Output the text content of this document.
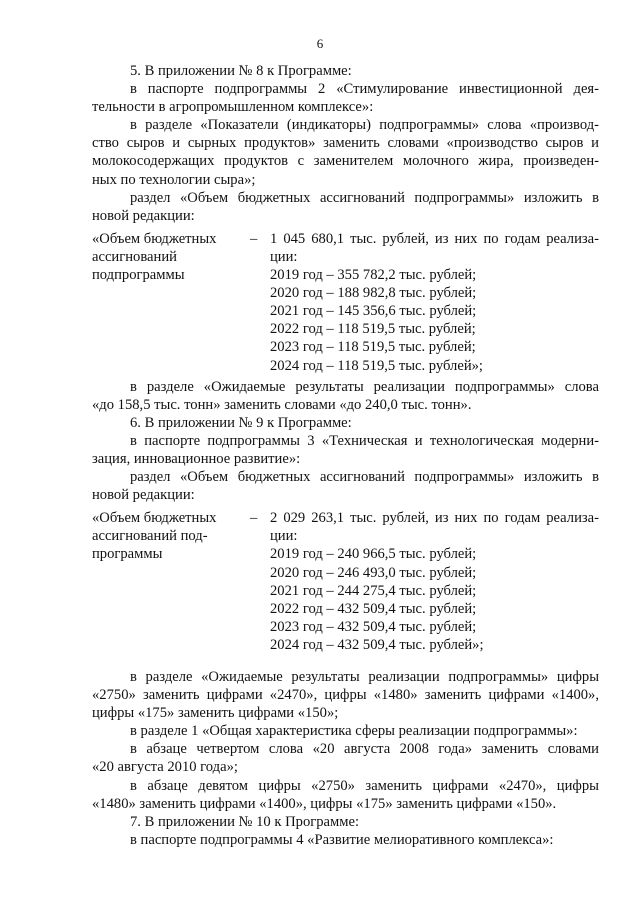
6

5. В приложении № 8 к Программе:

в паспорте подпрограммы 2 «Стимулирование инвестиционной дея-

тельности в агропромышленном комплексе»:

в разделе «Показатели (индикаторы) подпрограммы» слова «производ-

ство сыров и сырных продуктов» заменить словами «производство сыров и

молокосодержащих продуктов с заменителем молочного жира, произведен-

ных по технологии сыра»;

раздел «Объем бюджетных ассигнований подпрограммы» изложить в

новой редакции:

«Объем бюджетных
ассигнований
подпрограммы
– 1 045 680,1 тыс. рублей, из них по годам реализа-
ции:
2019 год – 355 782,2 тыс. рублей;
2020 год – 188 982,8 тыс. рублей;
2021 год – 145 356,6 тыс. рублей;
2022 год – 118 519,5 тыс. рублей;
2023 год – 118 519,5 тыс. рублей;
2024 год – 118 519,5 тыс. рублей»;

в разделе «Ожидаемые результаты реализации подпрограммы» слова

«до 158,5 тыс. тонн» заменить словами «до 240,0 тыс. тонн».

6. В приложении № 9 к Программе:

в паспорте подпрограммы 3 «Техническая и технологическая модерни-

зация, инновационное развитие»:

раздел «Объем бюджетных ассигнований подпрограммы» изложить в

новой редакции:

«Объем бюджетных
ассигнований под-
программы
– 2 029 263,1 тыс. рублей, из них по годам реализа-
ции:
2019 год – 240 966,5 тыс. рублей;
2020 год – 246 493,0 тыс. рублей;
2021 год – 244 275,4 тыс. рублей;
2022 год – 432 509,4 тыс. рублей;
2023 год – 432 509,4 тыс. рублей;
2024 год – 432 509,4 тыс. рублей»;

в разделе «Ожидаемые результаты реализации подпрограммы» цифры

«2750» заменить цифрами «2470», цифры «1480» заменить цифрами «1400»,

цифры «175» заменить цифрами «150»;

в разделе 1 «Общая характеристика сферы реализации подпрограммы»:

в абзаце четвертом слова «20 августа 2008 года» заменить словами

«20 августа 2010 года»;

в абзаце девятом цифры «2750» заменить цифрами «2470», цифры

«1480» заменить цифрами «1400», цифры «175» заменить цифрами «150».

7. В приложении № 10 к Программе:

в паспорте подпрограммы 4 «Развитие мелиоративного комплекса»:
